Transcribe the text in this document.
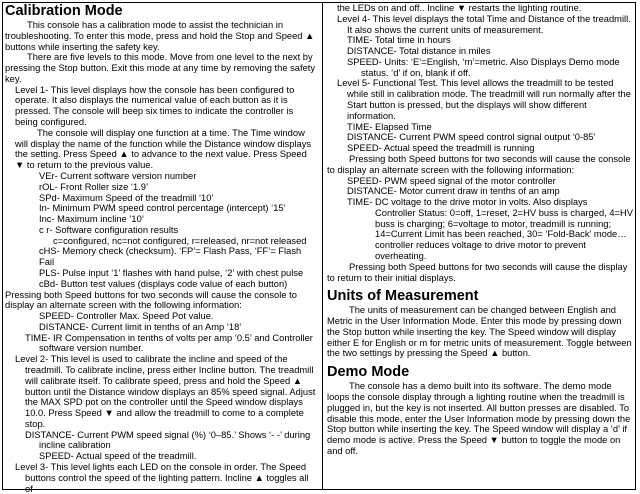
Calibration Mode

This console has a calibration mode to assist the technician in troubleshooting. To enter this mode, press and hold the Stop and Speed ▲ buttons while inserting the safety key.

There are five levels to this mode. Move from one level to the next by pressing the Stop button. Exit this mode at any time by removing the safety key.

Level 1- This level displays how the console has been configured to operate. It also displays the numerical value of each button as it is pressed. The console will beep six times to indicate the controller is being configured.

The console will display one function at a time. The Time window will display the name of the function while the Distance window displays the setting. Press Speed ▲ to advance to the next value. Press Speed ▼ to return to the previous value.

VEr- Current software version number

rOL- Front Roller size ‘1.9’

SPd- Maximum Speed of the treadmill ‘10’

In- Minimum PWM speed control percentage (intercept) ‘15’

Inc- Maximum incline ‘10’

c r- Software configuration results

c=configured, nc=not configured, r=released, nr=not released

cHS- Memory check (checksum). ‘FP’= Flash Pass, ‘FF’= Flash Fail

PLS- Pulse input ‘1’ flashes with hand pulse, ‘2’ with chest pulse

cBd- Button test values (displays code value of each button)

Pressing both Speed buttons for two seconds will cause the console to display an alternate screen with the following information:

SPEED- Controller Max. Speed Pot value.

DISTANCE- Current limit in tenths of an Amp ‘18’

TIME- IR Compensation in tenths of volts per amp ‘0.5’ and Controller software version number.

Level 2- This level is used to calibrate the incline and speed of the treadmill. To calibrate incline, press either Incline button. The treadmill will calibrate itself. To calibrate speed, press and hold the Speed ▲ button until the Distance window displays an 85% speed signal. Adjust the MAX SPD pot on the controller until the Speed window displays 10.0. Press Speed ▼ and allow the treadmill to come to a complete stop.

DISTANCE- Current PWM speed signal (%) ‘0–85.’ Shows ‘- -’ during incline calibration

SPEED- Actual speed of the treadmill.

Level 3- This level lights each LED on the console in order. The Speed buttons control the speed of the lighting pattern. Incline ▲ toggles all of

the LEDs on and off.. Incline ▼ restarts the lighting routine.

Level 4- This level displays the total Time and Distance of the treadmill. It also shows the current units of measurement.

TIME- Total time in hours

DISTANCE- Total distance in miles

SPEED- Units: ‘E’=English, ‘m’=metric. Also Displays Demo mode status. ‘d’ if on, blank if off.

Level 5- Functional Test. This level allows the treadmill to be tested while still in calibration mode. The treadmill will run normally after the Start button is pressed, but the displays will show different information.

TIME- Elapsed Time

DISTANCE- Current PWM speed control signal output ‘0-85’

SPEED- Actual speed the treadmill is running

Pressing both Speed buttons for two seconds will cause the console to display an alternate screen with the following information:

SPEED- PWM speed signal of the motor controller

DISTANCE- Motor current draw in tenths of an amp

TIME- DC voltage to the drive motor in volts. Also displays

Controller Status: 0=off, 1=reset, 2=HV buss is charged, 4=HV buss is charging; 6=voltage to motor, treadmill is running; 14=Current Limit has been reached, 30= ‘Fold-Back’ mode… controller reduces voltage to drive motor to prevent overheating.

Pressing both Speed buttons for two seconds will cause the display to return to their initial displays.

Units of Measurement

The units of measurement can be changed between English and Metric in the User Information Mode. Enter this mode by pressing down the Stop button while inserting the key. The Speed window will display either E for English or m for metric units of measurement. Toggle between the two settings by pressing the Speed ▲ button.

Demo Mode

The console has a demo built into its software. The demo mode loops the console display through a lighting routine when the treadmill is plugged in, but the key is not inserted. All button presses are disabled. To disable this mode, enter the User Information mode by pressing down the Stop button while inserting the key. The Speed window will display a ‘d’ if demo mode is active. Press the Speed ▼ button to toggle the mode on and off.
